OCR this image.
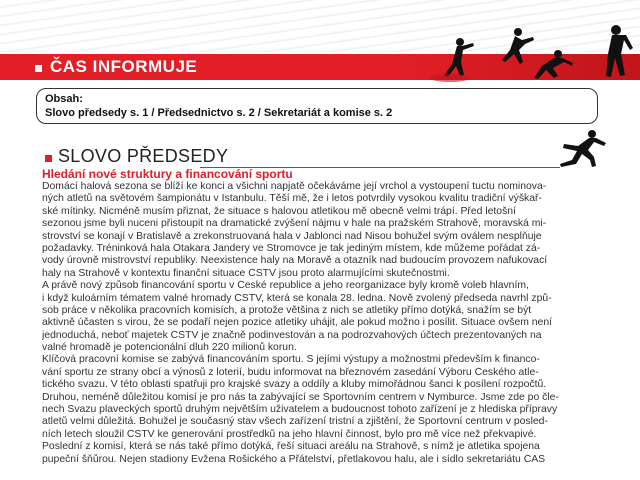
ČAS INFORMUJE
Obsah:
Slovo předsedy s. 1 / Předsednictvo s. 2 / Sekretariát a komise s. 2
SLOVO PŘEDSEDY
Hledání nové struktury a financování sportu
Domácí halová sezona se blíží ke konci a všichni napjatě očekáváme její vrchol a vystoupení tuctu nominova-
ných atletů na světovém šampionátu v Istanbulu. Těší mě, že i letos potvrdily vysokou kvalitu tradiční výškař-
ské mítinky. Nicméně musím přiznat, že situace s halovou atletikou mě obecně velmi trápí. Před letošní
sezonou jsme byli nuceni přistoupit na dramatické zvýšení nájmu v hale na pražském Strahově, moravská mi-
strovství se konají v Bratislavě a zrekonstruovaná hala v Jablonci nad Nisou bohužel svým oválem nesplňuje
požadavky. Tréninková hala Otakara Jandery ve Stromovce je tak jediným místem, kde můžeme pořádat zá-
vody úrovně mistrovství republiky. Neexistence haly na Moravě a otazník nad budoucím provozem nafukovací
haly na Strahově v kontextu finanční situace ČSTV jsou proto alarmujícími skutečnostmi.
A právě nový způsob financování sportu v České republice a jeho reorganizace byly kromě voleb hlavním,
i když kuloárním tématem valné hromady ČSTV, která se konala 28. ledna. Nově zvolený předseda navrhl způ-
sob práce v několika pracovních komisích, a protože většina z nich se atletiky přímo dotýká, snažím se být
aktivně účasten s virou, že se podaří nejen pozice atletiky uhájit, ale pokud možno i posílit. Situace ovšem není
jednoduchá, neboť majetek ČSTV je značně podinvestován a na podrozvahových účtech prezentovaných na
valné hromadě je potencionální dluh 220 milionů korun.
Klíčová pracovní komise se zabývá financováním sportu. S jejími výstupy a možnostmi především k financo-
vání sportu ze strany obcí a výnosů z loterií, budu informovat na březnovém zasedání Výboru Českého atle-
tického svazu. V této oblasti spatřuji pro krajské svazy a oddíly a kluby mimořádnou šanci k posílení rozpočtů.
Druhou, neméně důležitou komisí je pro nás ta zabývající se Sportovním centrem v Nymburce. Jsme zde po čle-
nech Svazu plaveckých sportů druhým největším uživatelem a budoucnost tohoto zařízení je z hlediska přípravy
atletů velmi důležitá. Bohužel je současný stav všech zařízení tristní a zjištění, že Sportovní centrum v posled-
ních letech sloužil ČSTV ke generování prostředků na jeho hlavní činnost, bylo pro mě více než překvapivé.
Poslední z komisí, která se nás také přímo dotýká, řeší situaci areálu na Strahově, s nímž je atletika spojena
pupeční šňůrou. Nejen stadiony Evžena Rošického a Přátelství, přetlakovou halu, ale i sídlo sekretariátu ČAS
